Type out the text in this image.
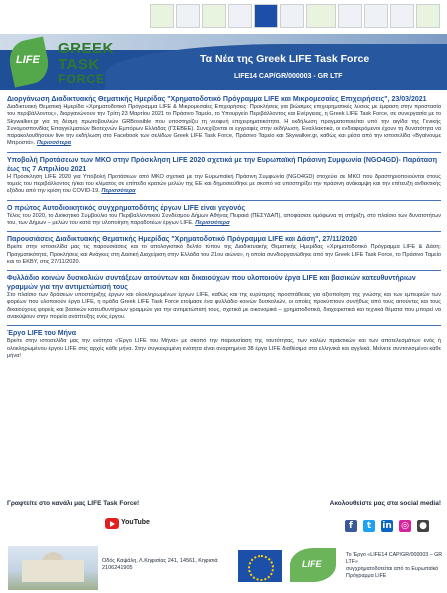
LIFE
GREEK
TASK
FORCE
Τα Νέα της Greek LIFE Task Force
LIFE14 CAP/GR/000003 - GR LTF
Διοργάνωση Διαδικτυακής Θεματικής Ημερίδας "Χρηματοδοτικό Πρόγραμμα LIFE και Μικρομεσαίες Επιχειρήσεις", 23/03/2021
Διαδικτυακή Θεματική Ημερίδα «Χρηματοδοτικό Πρόγραμμα LIFE & Μικρομεσαίες Επιχειρήσεις: Προκλήσεις για βιώσιμες επιχειρηματικές λύσεις με έμφαση στην προστασία του περιβάλλοντος», διοργανώνουν την Τρίτη 23 Μαρτίου 2021 το Πράσινο Ταμείο, το Υπουργείο Περιβάλλοντος και Ενέργειας, η Greek LIFE Task Force, σε συνεργασία με το Skywalker.gr για τη δέσμη πρωτοβουλιών GRBossible που υποστηρίζει τη νεοφυή επιχειρηματικότητα. Η εκδήλωση πραγματοποιείται υπό την αιγίδα της Γενικής Συνομοσπονδίας Επαγγελματιών Βιοτεχνών Εμπόρων Ελλάδας (ΓΣΕΒΕΕ). Συνεχίζονται οι εγγραφές στην εκδήλωση. Εναλλακτικά, οι ενδιαφερόμενοι έχουν τη δυνατότητα να παρακολουθήσουν live την εκδήλωση στο Facebook των σελίδων Greek LIFE Task Force, Πράσινο Ταμείο και Skywalker.gr, καθώς και μέσα από την ιστοσελίδα «Βγαίνουμε Μπροστά». Περισσότερα
Υποβολή Προτάσεων των ΜΚΟ στην Πρόσκληση LIFE 2020 σχετικά με την Ευρωπαϊκή Πράσινη Συμφωνία (NGO4GD)- Παράταση έως τις 7 Απριλίου 2021
Η Πρόσκληση LIFE 2020 για Υποβολή Προτάσεων από ΜΚΟ σχετικά με την Ευρωπαϊκή Πράσινη Συμφωνία (NGO4GD) στοχεύει σε ΜΚΟ που δραστηριοποιούνται στους τομείς του περιβάλλοντος ή/και του κλίματος σε επίπεδο κρατών μελών της ΕΕ και δημοσιεύθηκε με σκοπό να υποστηρίξει την πράσινη ανάκαμψη και την επίτευξη ανθεκτικής εξόδου από την κρίση του COVID-19. Περισσότερα
Ο πρώτος Αυτοδιοικητικός συγχρηματοδότης έργων LIFE είναι γεγονός
Τέλος του 2020, το Διοικητικό Συμβούλιο του Περιβαλλοντικού Συνδέσμου Δήμων Αθήνας Πειραιά (ΠΕΣΥΔΑΠ), αποφάσισε ομόφωνα τη στήριξη, στο πλαίσιο των δυνατοτήτων του, των Δήμων – μελών του κατά την υλοποίηση παραδοτέων έργων LIFE. Περισσότερα
Παρουσιάσεις Διαδικτυακής Θεματικής Ημερίδας "Χρηματοδοτικό Πρόγραμμα LIFE και Δάση", 27/11/2020
Βρείτε στην ιστοσελίδα μας τις παρουσιάσεις και το απολογιστικό δελτίο τύπου της Διαδικτυακής Θεματικής Ημερίδας «Χρηματοδοτικό Πρόγραμμα LIFE & Δάση: Πραγματικότητα, Προκλήσεις και Ανάγκες στη Δασική Διαχείριση στην Ελλάδα του 21ου αιώνα», η οποία συνδιοργανώθηκε από την Greek LIFE Task Force, το Πράσινο Ταμείο και το ΕΚΒΥ, στις 27/11/2020.
Φυλλάδιο κοινών δυσκολιών συντάξεων αιτούντων και δικαιούχων που υλοποιούν έργα LIFE και βασικών κατευθυντήριων γραμμών για την αντιμετώπισή τους
Στο πλαίσιο των δράσεων υποστήριξης έργων και ολοκληρωμένων έργων LIFE, καθώς και της ευρύτερης προσπάθειας για αξιοποίηση της γνώσης και των εμπειριών των φορέων που υλοποιούν έργα LIFE, η ομάδα Greek LIFE Task Force ετοίμασε ένα φυλλάδιο κοινών δυσκολιών, οι οποίες προκύπτουν συνήθως από τους αιτούντες και τους δικαιούχους φορείς και βασικών κατευθυντήριων γραμμών για την αντιμετώπισή τους, σχετικά με οικονομικά – χρηματοδοτικά, διαχειριστικά και τεχνικά θέματα που μπορεί να ανακύψουν στην πορεία ανάπτυξης ενός έργου.
Έργο LIFE του Μήνα
Βρείτε στην ιστοσελίδα μας την ενότητα «Έργο LIFE του Μήνα» με σκοπό την παρουσίαση της ταυτότητας, των καλών πρακτικών και των αποτελεσμάτων ενός ή ολοκληρωμένου έργου LIFE στις αρχές κάθε μήνα. Στην συγκεκριμένη ενότητα είναι αναρτημένα 38 έργα LIFE διαθέσιμα στα ελληνικά και αγγλικά. Μείνετε συντονισμένοι κάθε μήνα!
Γραφτείτε στο κανάλι μας LIFE Task Force!
YouTube
Ακολουθείστε μας στα social media!
f	t	in ◎ ●
Οδός Καψάλη, Λ.Κηφισίας 241, 14561, Κηφισιά
2106241905	LIFE
Το Έργο «LIFE14 CAP/GR/000003 – GR LTF»
συγχρηματοδοτείται από το Ευρωπαϊκό
Πρόγραμμα LIFE
